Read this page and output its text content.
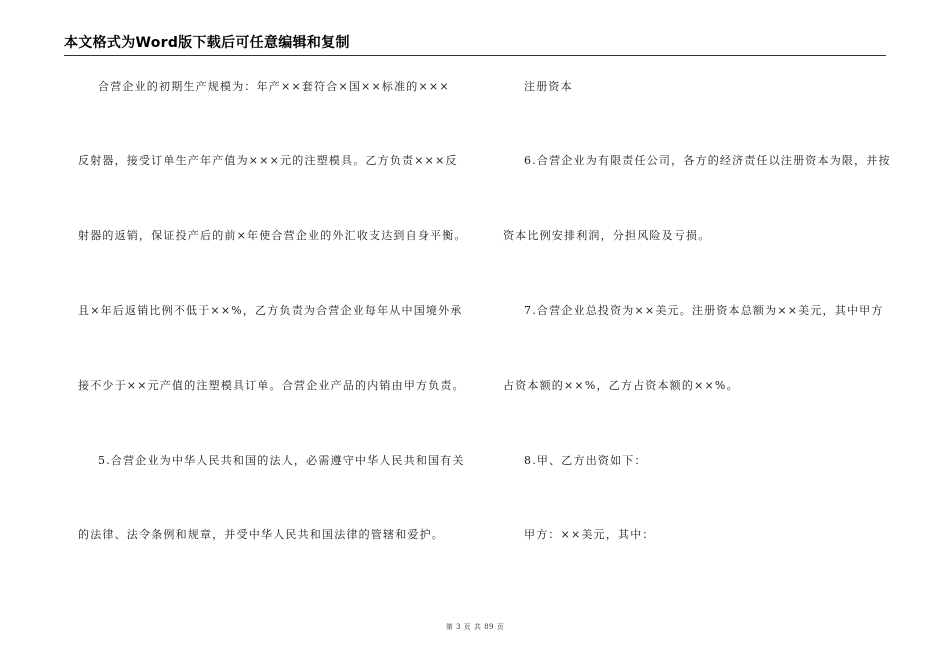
本文格式为Word版下载后可任意编辑和复制
合营企业的初期生产规模为：年产××套符合×国××标准的×××
反射器，接受订单生产年产值为×××元的注塑模具。乙方负责×××反
射器的返销，保证投产后的前×年使合营企业的外汇收支达到自身平衡。
且×年后返销比例不低于××%，乙方负责为合营企业每年从中国境外承
接不少于××元产值的注塑模具订单。合营企业产品的内销由甲方负责。
5.合营企业为中华人民共和国的法人，必需遵守中华人民共和国有关
的法律、法令条例和规章，并受中华人民共和国法律的管辖和爱护。
注册资本
6.合营企业为有限责任公司，各方的经济责任以注册资本为限，并按
资本比例安排利润，分担风险及亏损。
7.合营企业总投资为××美元。注册资本总额为××美元，其中甲方
占资本额的××%，乙方占资本额的××%。
8.甲、乙方出资如下：
甲方：××美元，其中：
第 3 页 共 89 页
